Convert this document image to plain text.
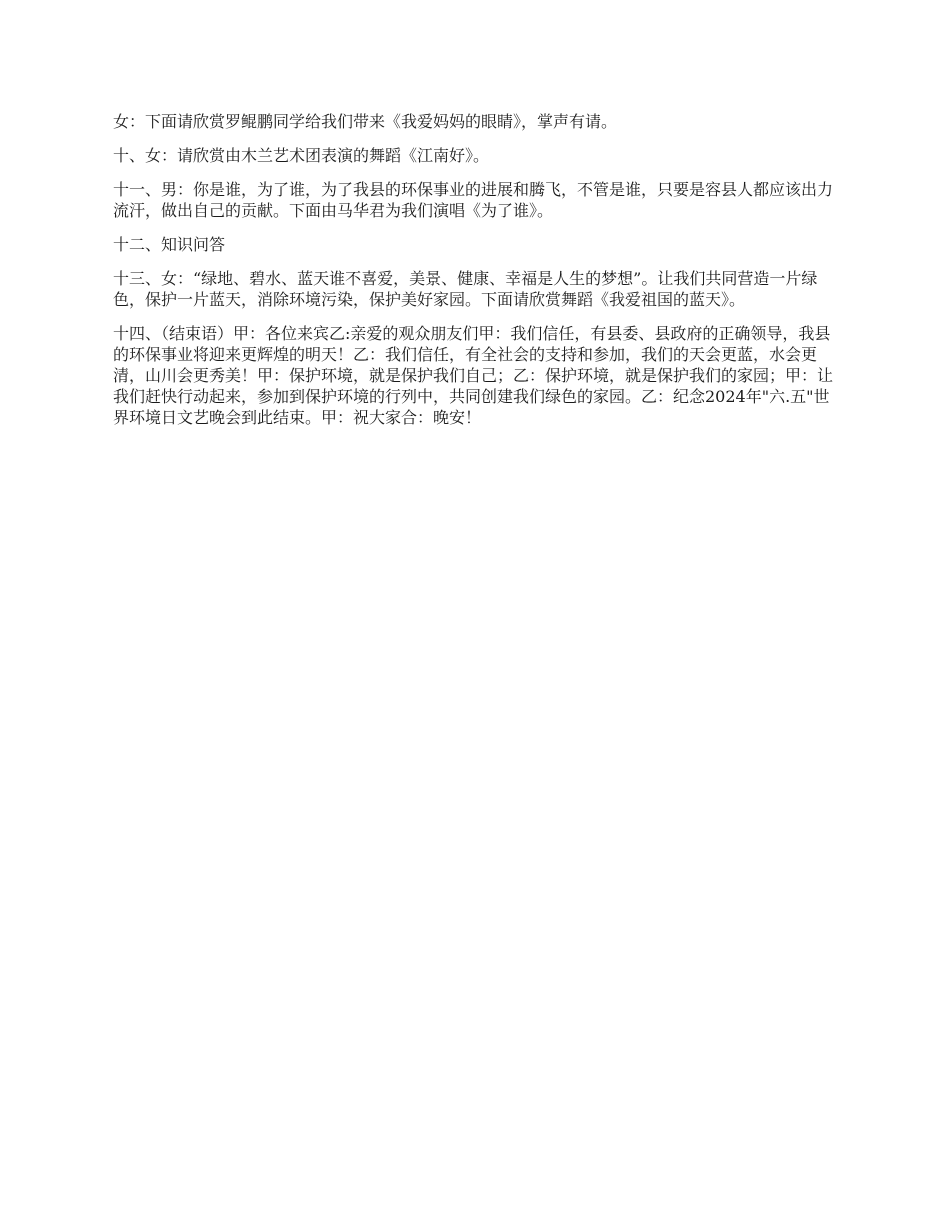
女：下面请欣赏罗鲲鹏同学给我们带来《我爱妈妈的眼睛》，掌声有请。

十、女：请欣赏由木兰艺术团表演的舞蹈《江南好》。

十一、男：你是谁，为了谁，为了我县的环保事业的进展和腾飞，不管是谁，只要是容县人都应该出力流汗，做出自己的贡献。下面由马华君为我们演唱《为了谁》。

十二、知识问答

十三、女：“绿地、碧水、蓝天谁不喜爱，美景、健康、幸福是人生的梦想”。让我们共同营造一片绿色，保护一片蓝天，消除环境污染，保护美好家园。下面请欣赏舞蹈《我爱祖国的蓝天》。

十四、（结束语）甲：各位来宾乙:亲爱的观众朋友们甲：我们信任，有县委、县政府的正确领导，我县的环保事业将迎来更辉煌的明天！乙：我们信任，有全社会的支持和参加，我们的天会更蓝，水会更清，山川会更秀美！甲：保护环境，就是保护我们自己；乙：保护环境，就是保护我们的家园；甲：让我们赶快行动起来，参加到保护环境的行列中，共同创建我们绿色的家园。乙：纪念2024年"六.五"世界环境日文艺晚会到此结束。甲：祝大家合：晚安！
